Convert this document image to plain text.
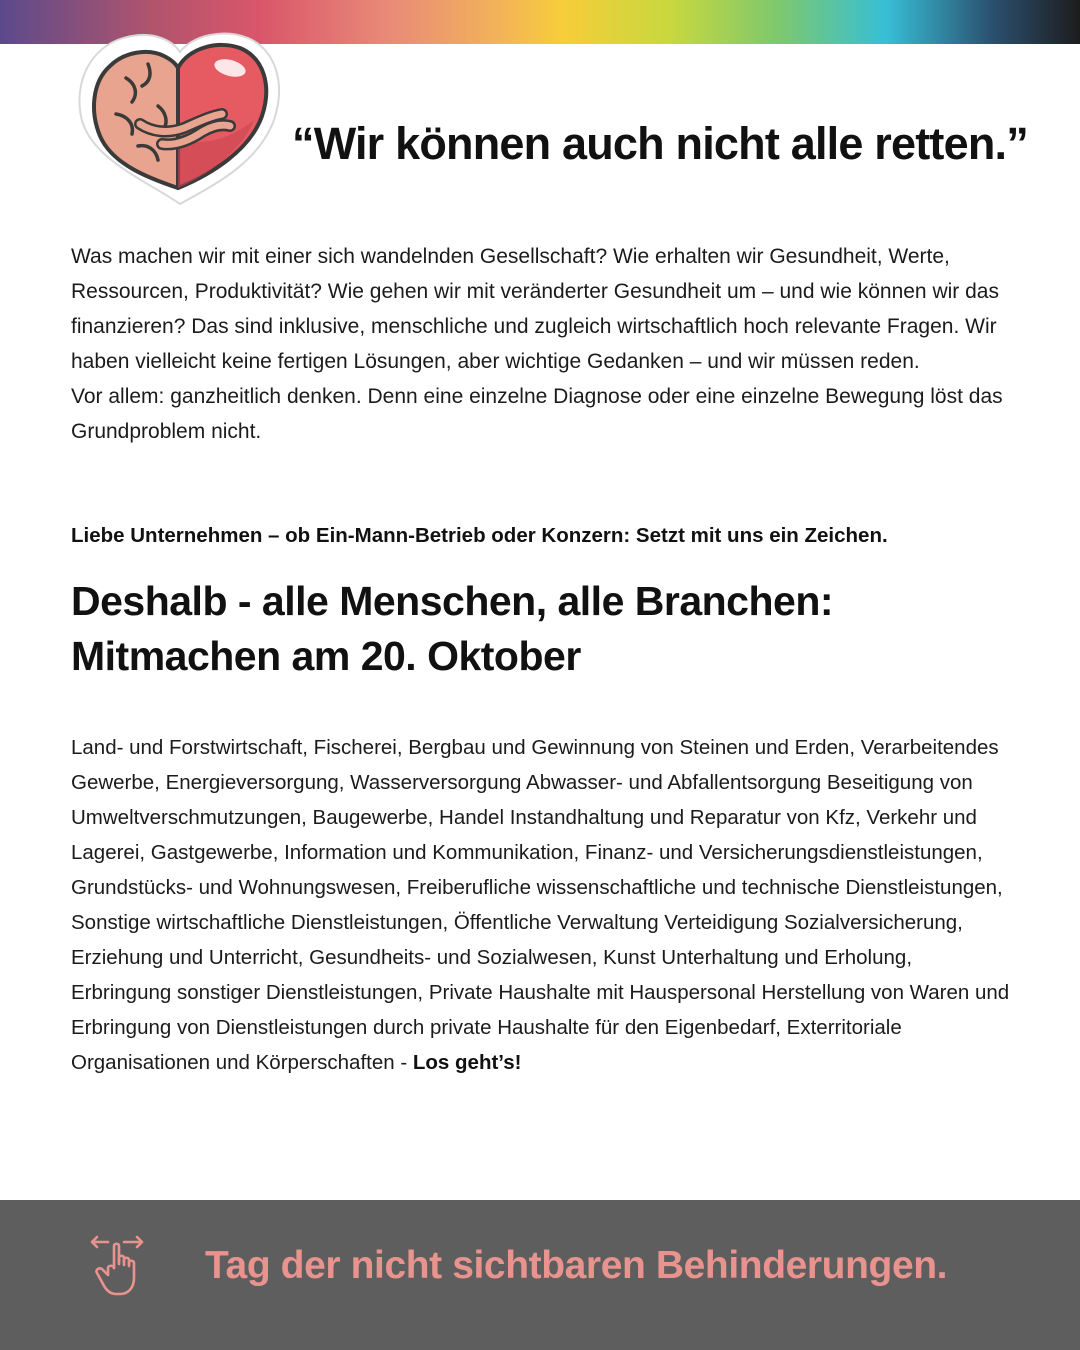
“Wir können auch nicht alle retten.”

Was machen wir mit einer sich wandelnden Gesellschaft? Wie erhalten wir Gesundheit, Werte, Ressourcen, Produktivität? Wie gehen wir mit veränderter Gesundheit um – und wie können wir das finanzieren? Das sind inklusive, menschliche und zugleich wirtschaftlich hoch relevante Fragen. Wir haben vielleicht keine fertigen Lösungen, aber wichtige Gedanken – und wir müssen reden.

Vor allem: ganzheitlich denken. Denn eine einzelne Diagnose oder eine einzelne Bewegung löst das Grundproblem nicht.

Liebe Unternehmen – ob Ein-Mann-Betrieb oder Konzern: Setzt mit uns ein Zeichen.

Deshalb - alle Menschen, alle Branchen:
Mitmachen am 20. Oktober

Land- und Forstwirtschaft, Fischerei, Bergbau und Gewinnung von Steinen und Erden, Verarbeitendes Gewerbe, Energieversorgung, Wasserversorgung Abwasser- und Abfallentsorgung Beseitigung von Umweltverschmutzungen, Baugewerbe, Handel Instandhaltung und Reparatur von Kfz, Verkehr und Lagerei, Gastgewerbe, Information und Kommunikation, Finanz- und Versicherungsdienstleistungen, Grundstücks- und Wohnungswesen, Freiberufliche wissenschaftliche und technische Dienstleistungen, Sonstige wirtschaftliche Dienstleistungen, Öffentliche Verwaltung Verteidigung Sozialversicherung, Erziehung und Unterricht, Gesundheits- und Sozialwesen, Kunst Unterhaltung und Erholung, Erbringung sonstiger Dienstleistungen, Private Haushalte mit Hauspersonal Herstellung von Waren und Erbringung von Dienstleistungen durch private Haushalte für den Eigenbedarf, Exterritoriale Organisationen und Körperschaften - Los geht’s!

Tag der nicht sichtbaren Behinderungen.
